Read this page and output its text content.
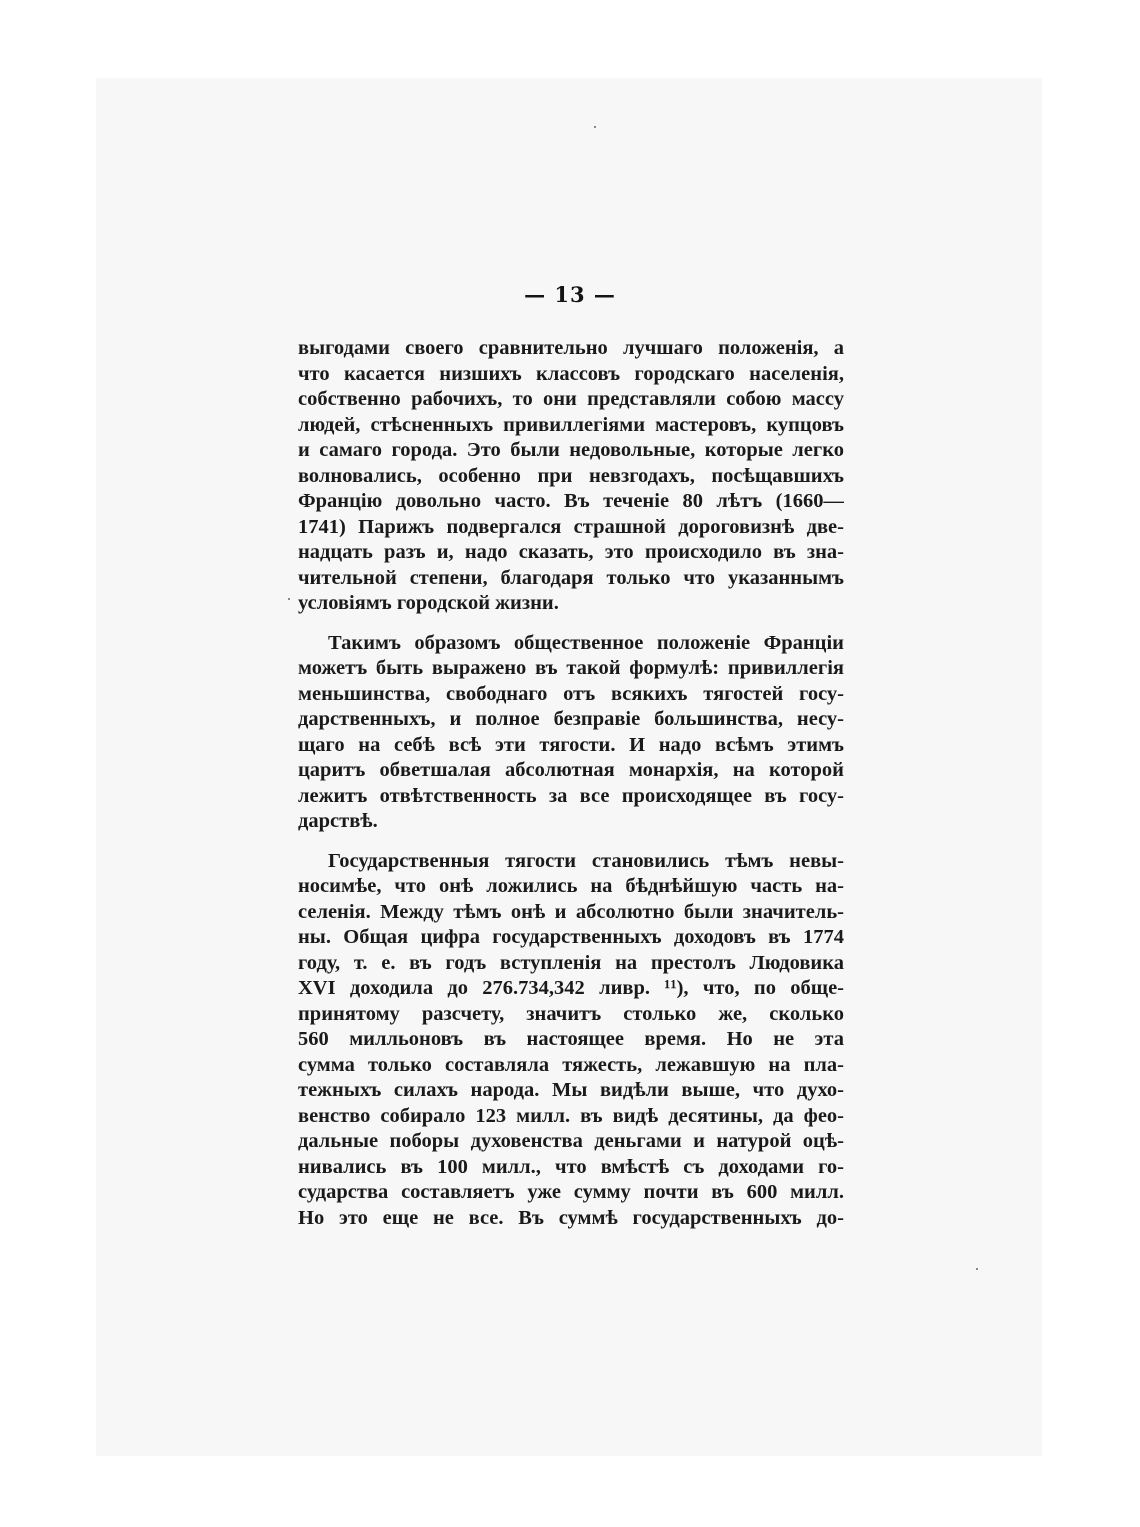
— 13 —

выгодами своего сравнительно лучшаго положенія, а
что касается низшихъ классовъ городскаго населенія,
собственно рабочихъ, то они представляли собою массу
людей, стѣсненныхъ привиллегіями мастеровъ, купцовъ
и самаго города. Это были недовольные, которые легко
волновались, особенно при невзгодахъ, посѣщавшихъ
Францію довольно часто. Въ теченіе 80 лѣтъ (1660—
1741) Парижъ подвергался страшной дороговизнѣ две-
надцать разъ и, надо сказать, это происходило въ зна-
чительной степени, благодаря только что указаннымъ
условіямъ городской жизни.

Такимъ образомъ общественное положеніе Франціи
можетъ быть выражено въ такой формулѣ: привиллегія
меньшинства, свободнаго отъ всякихъ тягостей госу-
дарственныхъ, и полное безправіе большинства, несу-
щаго на себѣ всѣ эти тягости. И надо всѣмъ этимъ
царитъ обветшалая абсолютная монархія, на которой
лежитъ отвѣтственность за все происходящее въ госу-
дарствѣ.

Государственныя тягости становились тѣмъ невы-
носимѣе, что онѣ ложились на бѣднѣйшую часть на-
селенія. Между тѣмъ онѣ и абсолютно были значитель-
ны. Общая цифра государственныхъ доходовъ въ 1774
году, т. е. въ годъ вступленія на престолъ Людовика
XVI доходила до 276.734,342 ливр. ¹¹), что, по обще-
принятому разсчету, значитъ столько же, сколько
560 милльоновъ въ настоящее время. Но не эта
сумма только составляла тяжесть, лежавшую на пла-
тежныхъ силахъ народа. Мы видѣли выше, что духо-
венство собирало 123 милл. въ видѣ десятины, да феο-
дальные поборы духовенства деньгами и натурой оцѣ-
нивались въ 100 милл., что вмѣстѣ съ доходами го-
сударства составляетъ уже сумму почти въ 600 милл.
Но это еще не все. Въ суммѣ государственныхъ до-
